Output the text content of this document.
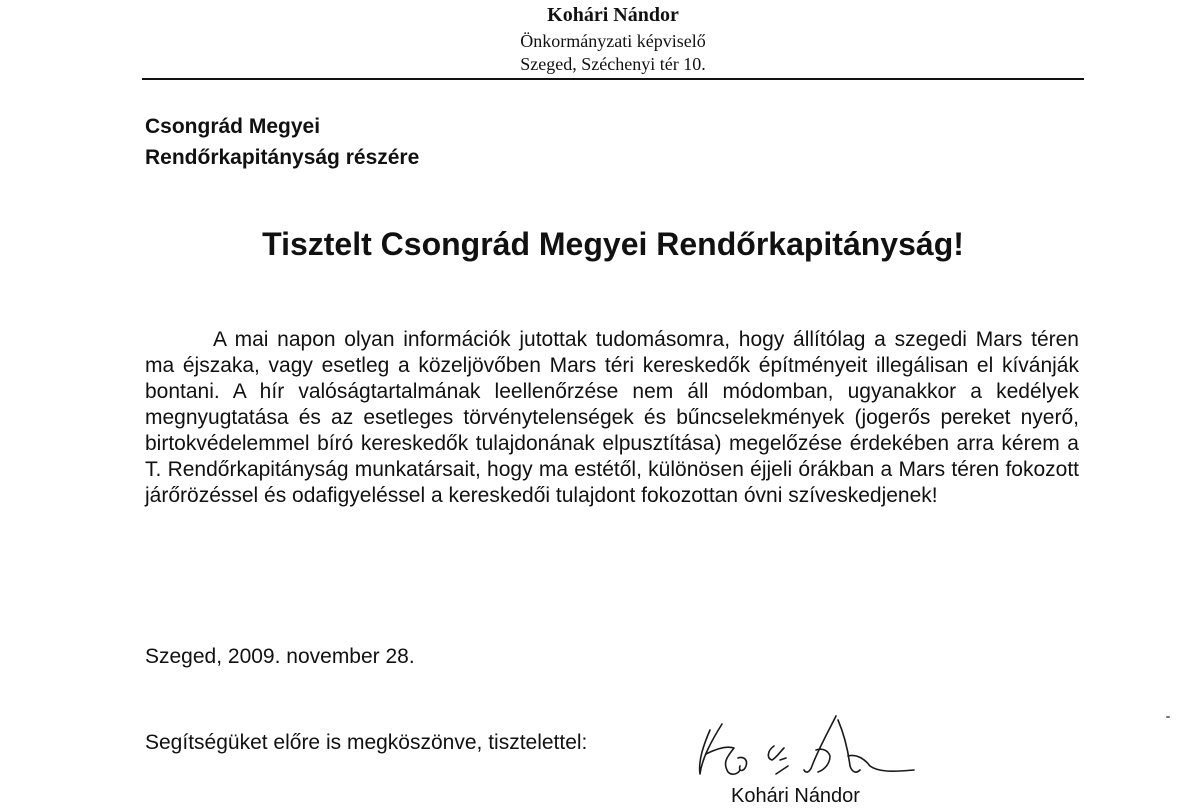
Kohári Nándor
Önkormányzati képviselő
Szeged, Széchenyi tér 10.
Csongrád Megyei
Rendőrkapitányság részére
Tisztelt Csongrád Megyei Rendőrkapitányság!

A mai napon olyan információk jutottak tudomásomra, hogy állítólag a szegedi Mars téren ma éjszaka, vagy esetleg a közeljövőben Mars téri kereskedők építményeit illegálisan el kívánják bontani. A hír valóságtartalmának leellenőrzése nem áll módomban, ugyanakkor a kedélyek megnyugtatása és az esetleges törvénytelenségek és bűncselekmények (jogerős pereket nyerő, birtokvédelemmel bíró kereskedők tulajdonának elpusztítása) megelőzése érdekében arra kérem a T. Rendőrkapitányság munkatársait, hogy ma estétől, különösen éjjeli órákban a Mars téren fokozott járőrözéssel és odafigyeléssel a kereskedői tulajdont fokozottan óvni szíveskedjenek!

Szeged, 2009. november 28.
Segítségüket előre is megköszönve, tisztelettel:
Kohári Nándor
